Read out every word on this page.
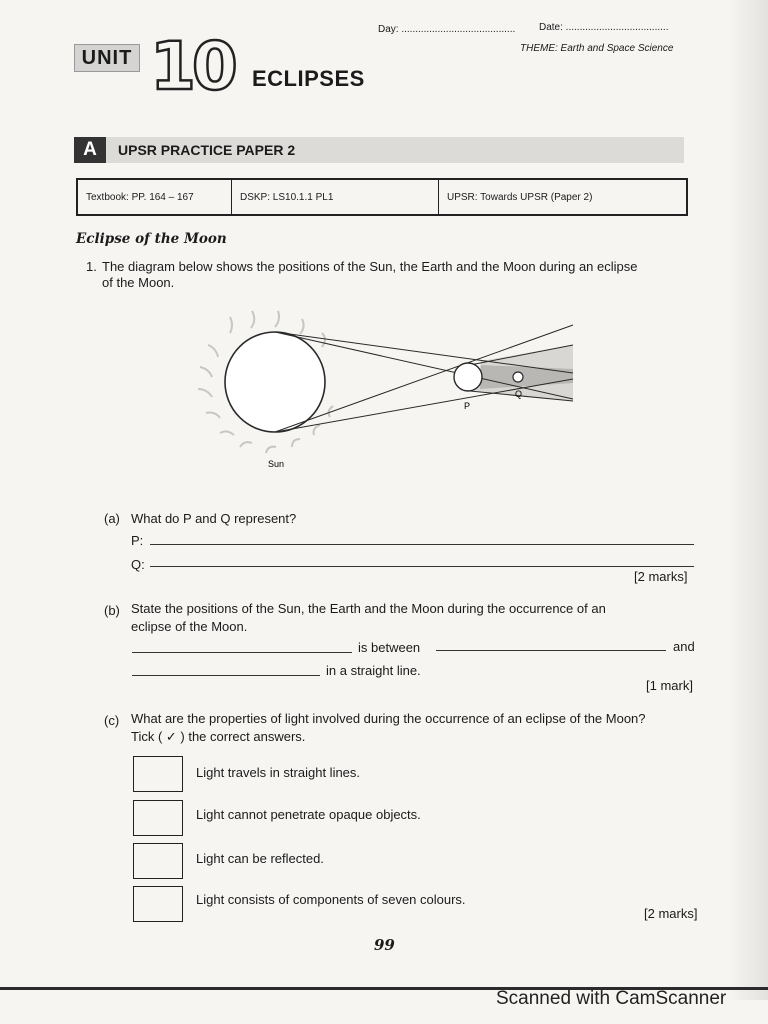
Day: ......................................... Date: .....................................
THEME: Earth and Space Science
UNIT 10 ECLIPSES
A	UPSR PRACTICE PAPER 2
Textbook: PP. 164 – 167	DSKP: LS10.1.1 PL1	UPSR: Towards UPSR (Paper 2)
Eclipse of the Moon
1. The diagram below shows the positions of the Sun, the Earth and the Moon during an eclipse
of the Moon.
Sun
P
Q
(a) What do P and Q represent?
P:
Q:
[2 marks]
(b) State the positions of the Sun, the Earth and the Moon during the occurrence of an
eclipse of the Moon.
is between	and
in a straight line.
[1 mark]
(c) What are the properties of light involved during the occurrence of an eclipse of the Moon?
Tick ( ✓ ) the correct answers.
Light travels in straight lines.
Light cannot penetrate opaque objects.
Light can be reflected.
Light consists of components of seven colours.
[2 marks]
99
Scanned with CamScanner
